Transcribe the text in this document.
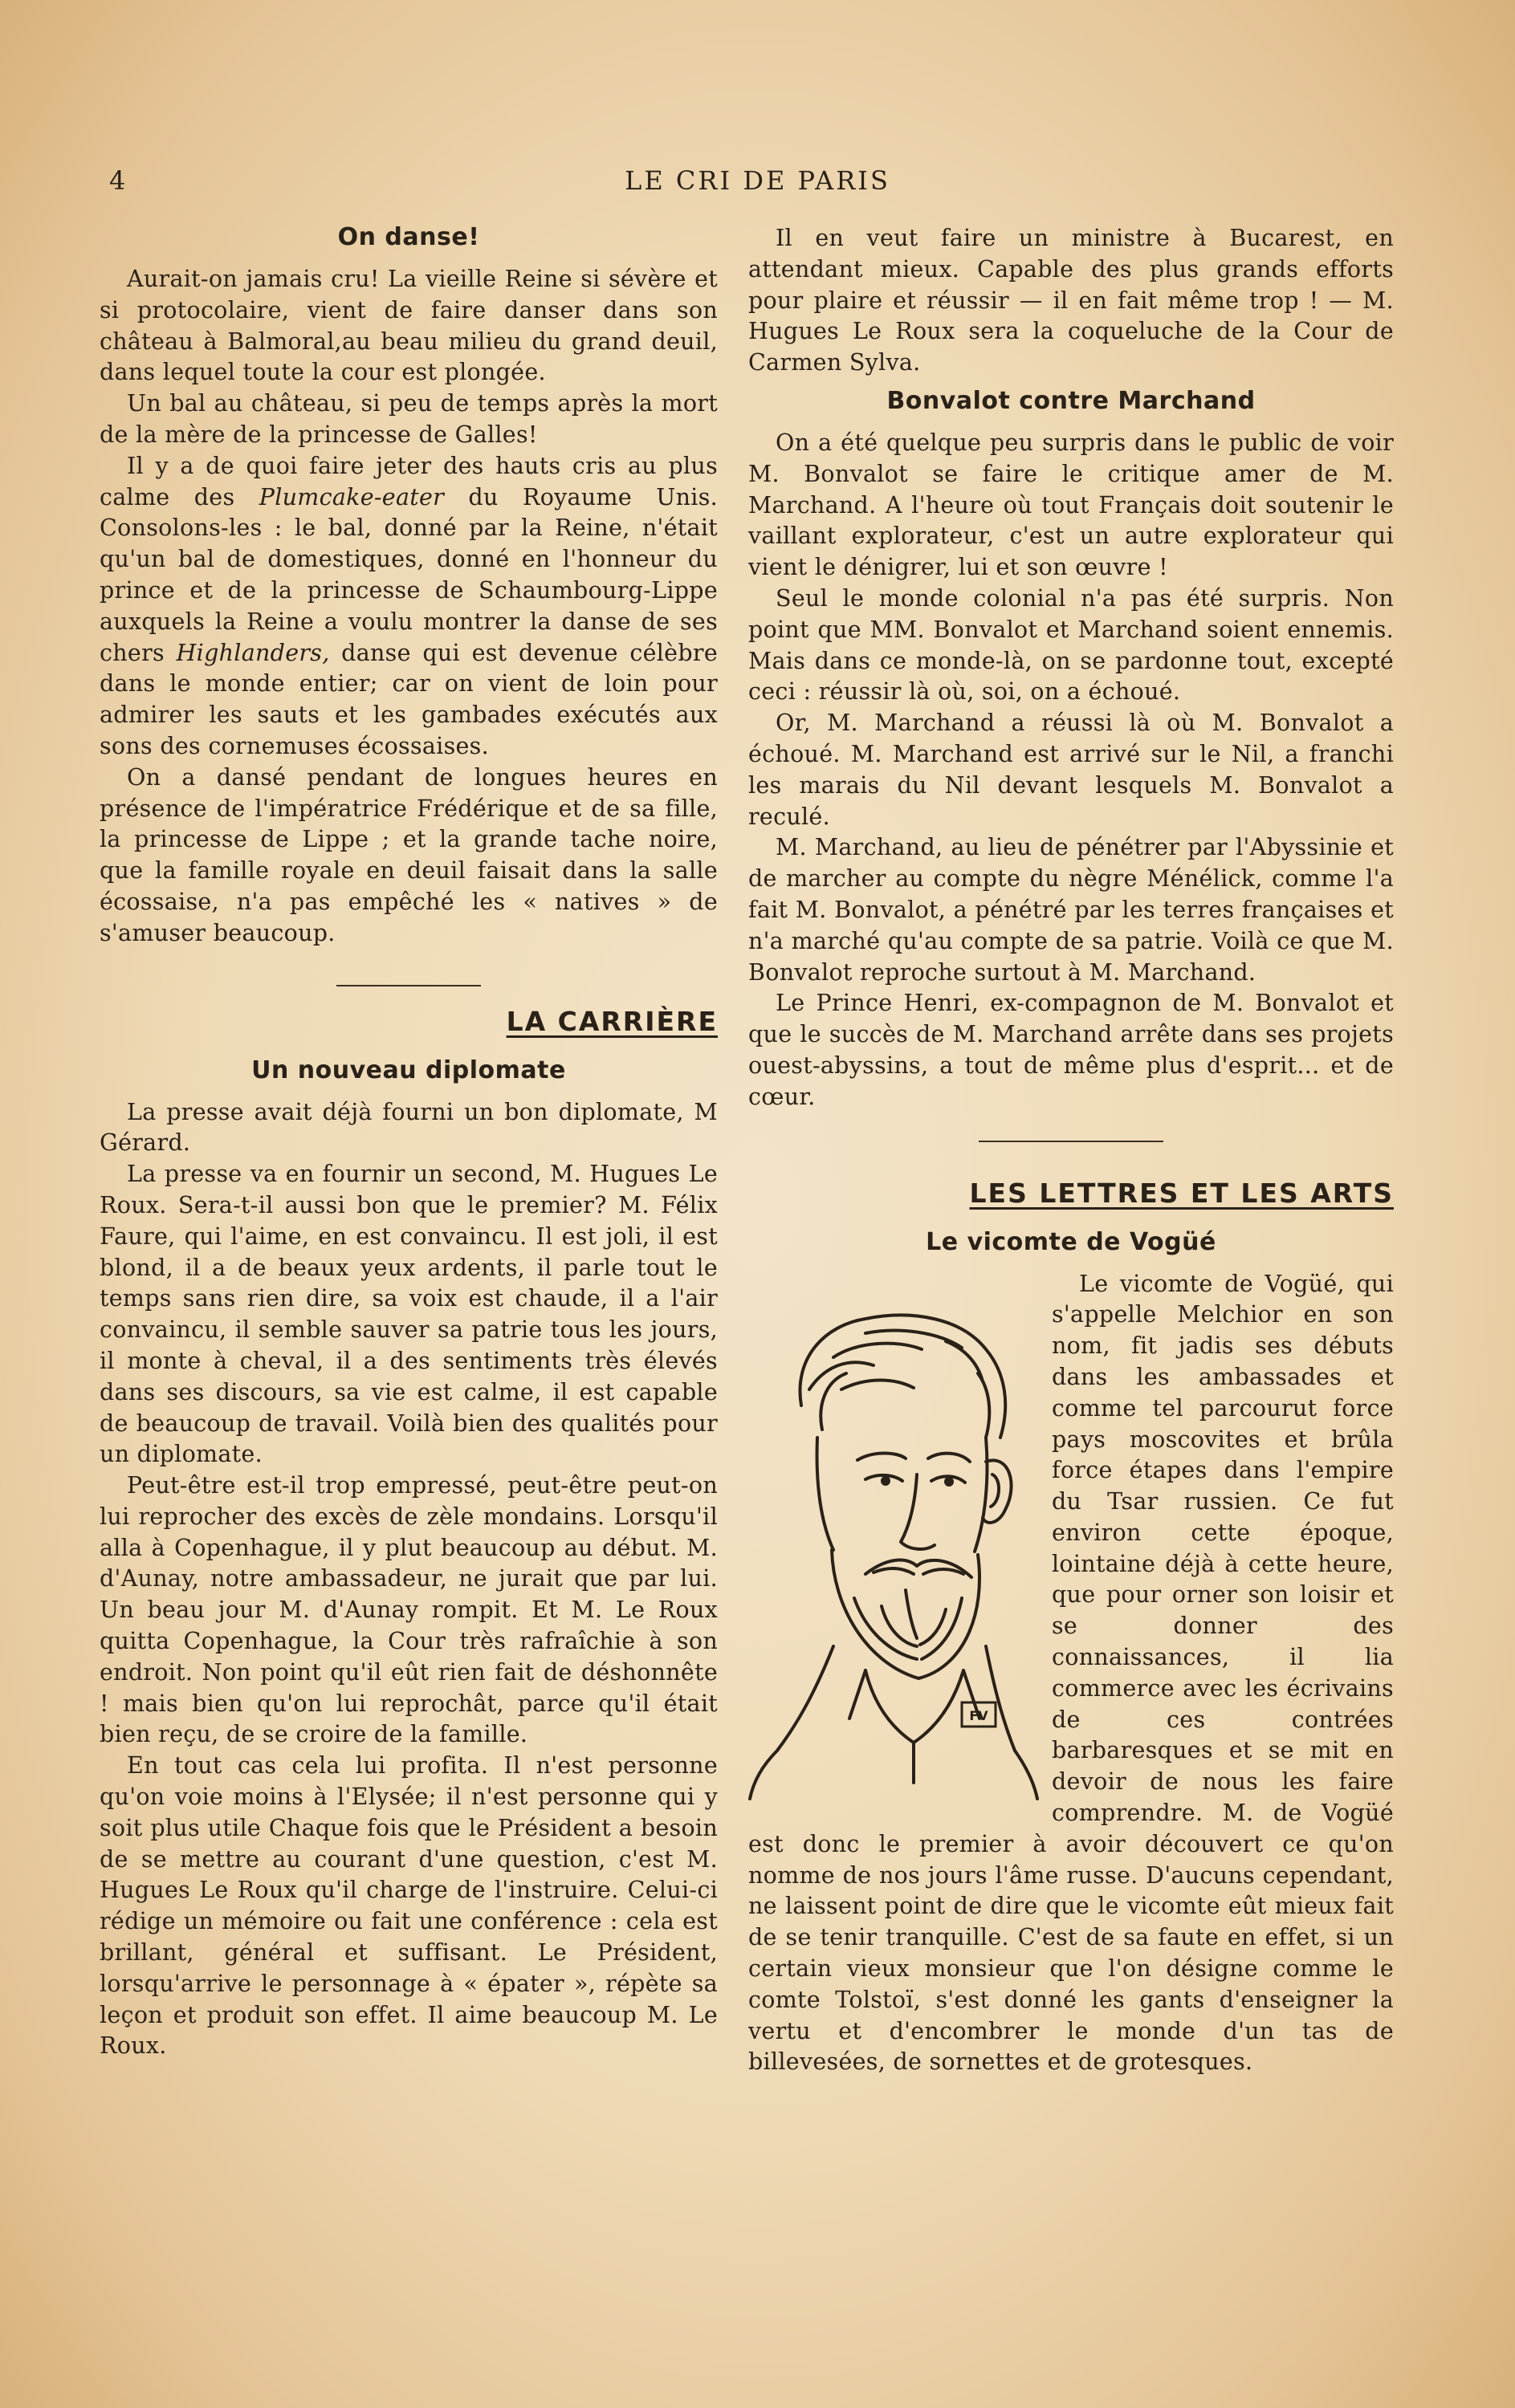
4	LE CRI DE PARIS
On danse!

Aurait-on jamais cru! La vieille Reine si sévère et si protocolaire, vient de faire danser dans son château à Balmoral,au beau milieu du grand deuil, dans lequel toute la cour est plongée.

Un bal au château, si peu de temps après la mort de la mère de la princesse de Galles!

Il y a de quoi faire jeter des hauts cris au plus calme des Plumcake-eater du Royaume Unis. Consolons-les : le bal, donné par la Reine, n'était qu'un bal de domestiques, donné en l'honneur du prince et de la princesse de Schaumbourg-Lippe auxquels la Reine a voulu montrer la danse de ses chers Highlanders, danse qui est devenue célèbre dans le monde entier; car on vient de loin pour admirer les sauts et les gambades exécutés aux sons des cornemuses écossaises.

On a dansé pendant de longues heures en présence de l'impératrice Frédérique et de sa fille, la princesse de Lippe ; et la grande tache noire, que la famille royale en deuil faisait dans la salle écossaise, n'a pas empêché les « natives » de s'amuser beaucoup.

LA CARRIÈRE
Un nouveau diplomate

La presse avait déjà fourni un bon diplomate, M Gérard.

La presse va en fournir un second, M. Hugues Le Roux. Sera-t-il aussi bon que le premier? M. Félix Faure, qui l'aime, en est convaincu. Il est joli, il est blond, il a de beaux yeux ardents, il parle tout le temps sans rien dire, sa voix est chaude, il a l'air convaincu, il semble sauver sa patrie tous les jours, il monte à cheval, il a des sentiments très élevés dans ses discours, sa vie est calme, il est capable de beaucoup de travail. Voilà bien des qualités pour un diplomate.

Peut-être est-il trop empressé, peut-être peut-on lui reprocher des excès de zèle mondains. Lorsqu'il alla à Copenhague, il y plut beaucoup au début. M. d'Aunay, notre ambassadeur, ne jurait que par lui. Un beau jour M. d'Aunay rompit. Et M. Le Roux quitta Copenhague, la Cour très rafraîchie à son endroit. Non point qu'il eût rien fait de déshonnête ! mais bien qu'on lui reprochât, parce qu'il était bien reçu, de se croire de la famille.

En tout cas cela lui profita. Il n'est personne qu'on voie moins à l'Elysée; il n'est personne qui y soit plus utile Chaque fois que le Président a besoin de se mettre au courant d'une question, c'est M. Hugues Le Roux qu'il charge de l'instruire. Celui-ci rédige un mémoire ou fait une conférence : cela est brillant, général et suffisant. Le Président, lorsqu'arrive le personnage à « épater », répète sa leçon et produit son effet. Il aime beaucoup M. Le Roux.

Il en veut faire un ministre à Bucarest, en attendant mieux. Capable des plus grands efforts pour plaire et réussir — il en fait même trop ! — M. Hugues Le Roux sera la coqueluche de la Cour de Carmen Sylva.

Bonvalot contre Marchand

On a été quelque peu surpris dans le public de voir M. Bonvalot se faire le critique amer de M. Marchand. A l'heure où tout Français doit soutenir le vaillant explorateur, c'est un autre explorateur qui vient le dénigrer, lui et son œuvre !

Seul le monde colonial n'a pas été surpris. Non point que MM. Bonvalot et Marchand soient ennemis. Mais dans ce monde-là, on se pardonne tout, excepté ceci : réussir là où, soi, on a échoué.

Or, M. Marchand a réussi là où M. Bonvalot a échoué. M. Marchand est arrivé sur le Nil, a franchi les marais du Nil devant lesquels M. Bonvalot a reculé.

M. Marchand, au lieu de pénétrer par l'Abyssinie et de marcher au compte du nègre Ménélick, comme l'a fait M. Bonvalot, a pénétré par les terres françaises et n'a marché qu'au compte de sa patrie. Voilà ce que M. Bonvalot reproche surtout à M. Marchand.

Le Prince Henri, ex-compagnon de M. Bonvalot et que le succès de M. Marchand arrête dans ses projets ouest-abyssins, a tout de même plus d'esprit... et de cœur.

LES LETTRES ET LES ARTS
Le vicomte de Vogüé
FV

Le vicomte de Vogüé, qui s'appelle Melchior en son nom, fit jadis ses débuts dans les ambassades et comme tel parcourut force pays moscovites et brûla force étapes dans l'empire du Tsar russien. Ce fut environ cette époque, lointaine déjà à cette heure, que pour orner son loisir et se donner des connaissances, il lia commerce avec les écrivains de ces contrées barbaresques et se mit en devoir de nous les faire comprendre. M. de Vogüé est donc le premier à avoir découvert ce qu'on nomme de nos jours l'âme russe. D'aucuns cependant, ne laissent point de dire que le vicomte eût mieux fait de se tenir tranquille. C'est de sa faute en effet, si un certain vieux monsieur que l'on désigne comme le comte Tolstoï, s'est donné les gants d'enseigner la vertu et d'encombrer le monde d'un tas de billevesées, de sornettes et de grotesques.
